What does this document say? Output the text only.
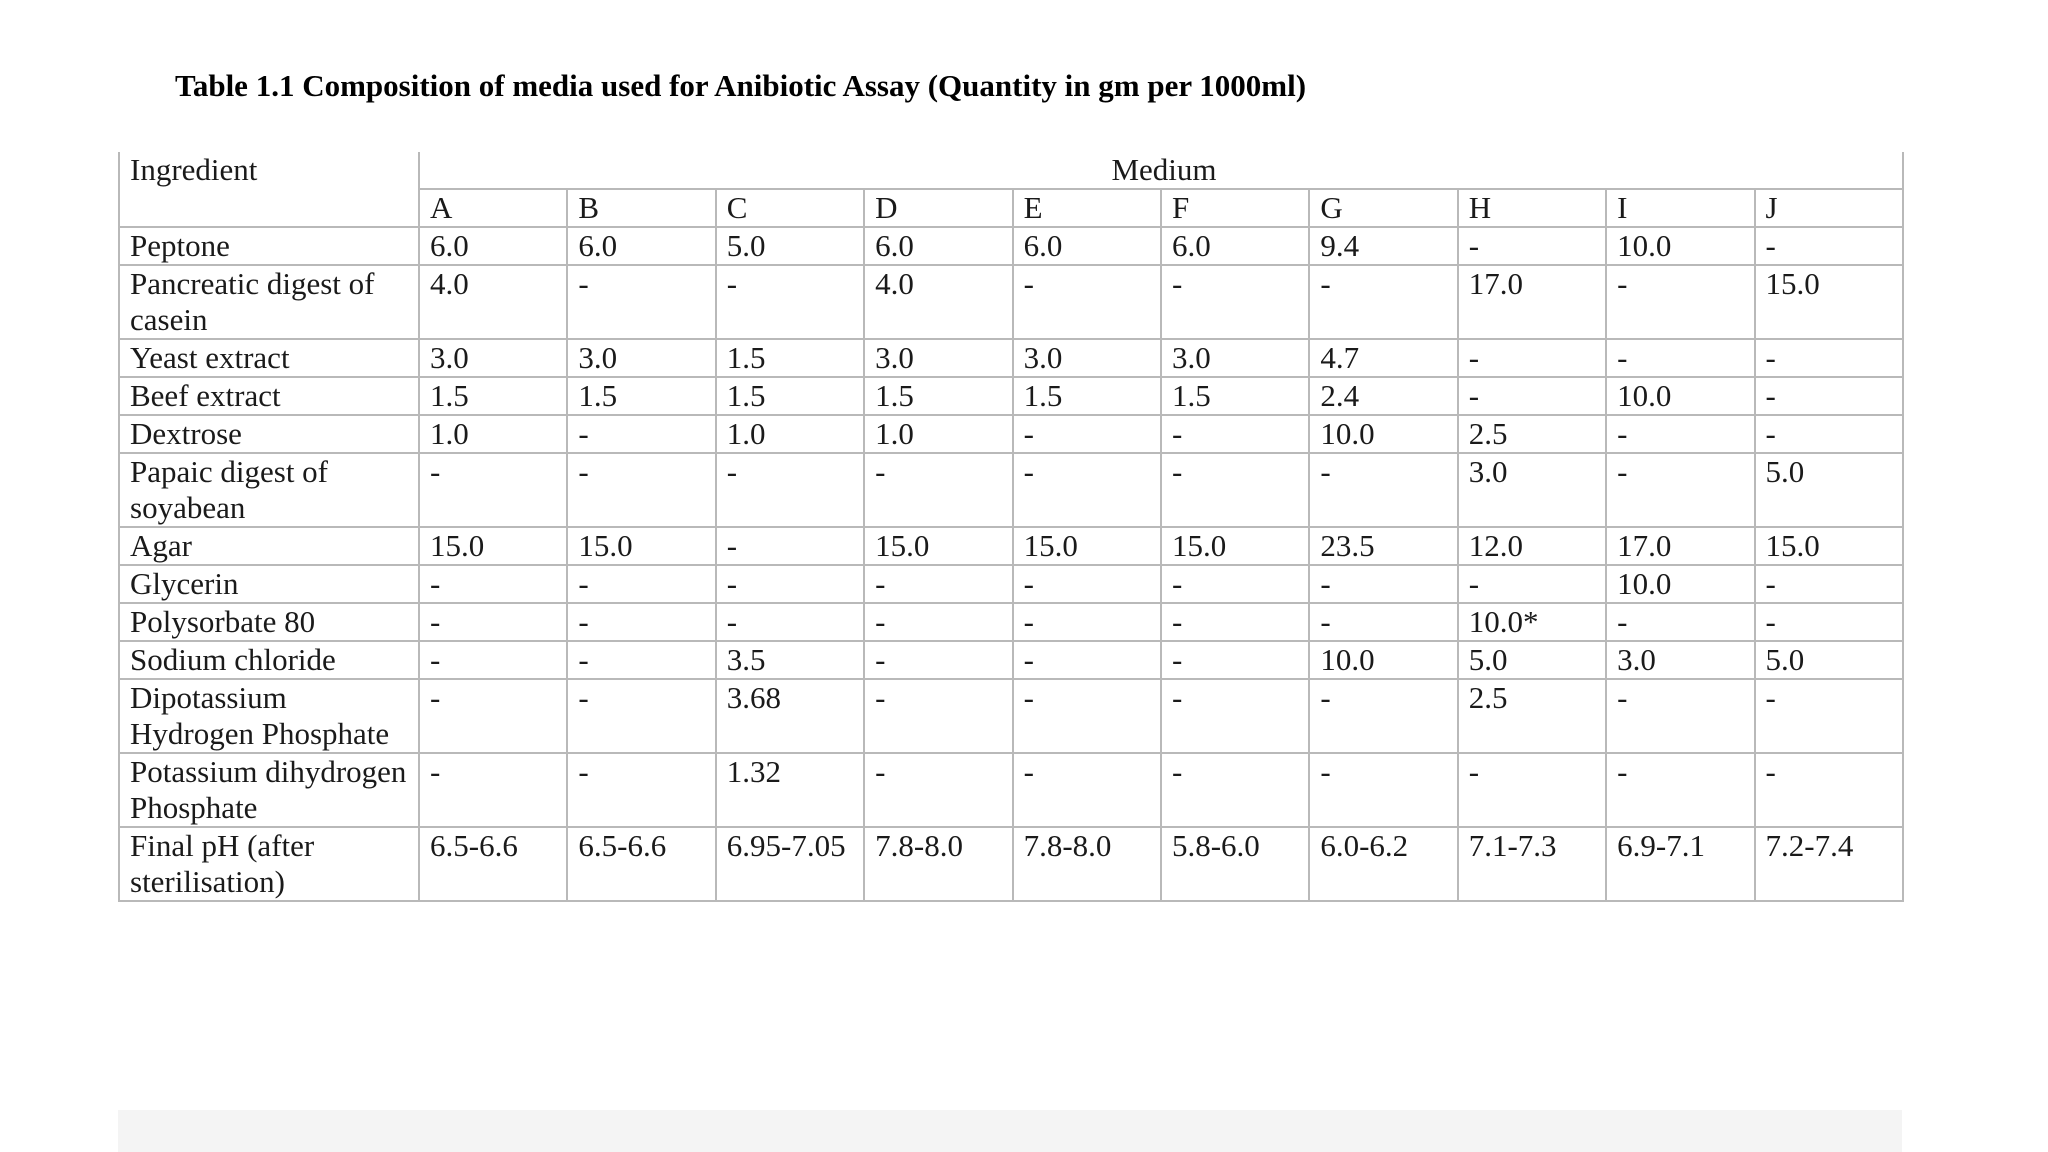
Table 1.1 Composition of media used for Anibiotic Assay (Quantity in gm per 1000ml)
Ingredient	Medium									
	A	B	C	D	E	F	G	H	I	J
Peptone	6.0	6.0	5.0	6.0	6.0	6.0	9.4	-	10.0	-
Pancreatic digest of casein	4.0	-	-	4.0	-	-	-	17.0	-	15.0
Yeast extract	3.0	3.0	1.5	3.0	3.0	3.0	4.7	-	-	-
Beef extract	1.5	1.5	1.5	1.5	1.5	1.5	2.4	-	10.0	-
Dextrose	1.0	-	1.0	1.0	-	-	10.0	2.5	-	-
Papaic digest of soyabean	-	-	-	-	-	-	-	3.0	-	5.0
Agar	15.0	15.0	-	15.0	15.0	15.0	23.5	12.0	17.0	15.0
Glycerin	-	-	-	-	-	-	-	-	10.0	-
Polysorbate 80	-	-	-	-	-	-	-	10.0*	-	-
Sodium chloride	-	-	3.5	-	-	-	10.0	5.0	3.0	5.0
Dipotassium Hydrogen Phosphate	-	-	3.68	-	-	-	-	2.5	-	-
Potassium dihydrogen Phosphate	-	-	1.32	-	-	-	-	-	-	-
Final pH (after sterilisation)	6.5-6.6	6.5-6.6	6.95-7.05	7.8-8.0	7.8-8.0	5.8-6.0	6.0-6.2	7.1-7.3	6.9-7.1	7.2-7.4
